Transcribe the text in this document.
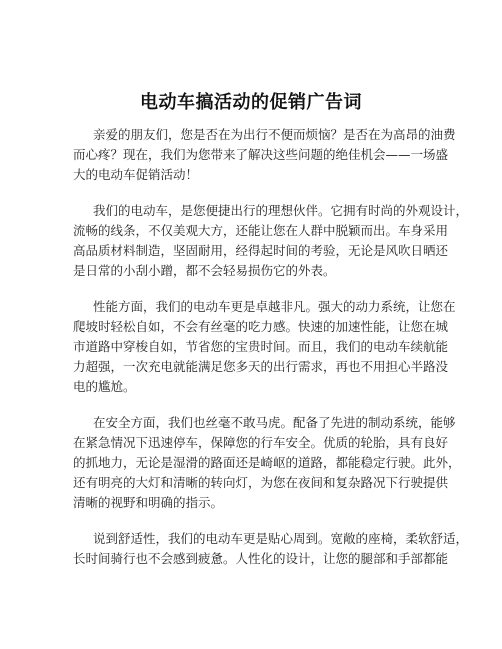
电动车搞活动的促销广告词
亲爱的朋友们，您是否在为出行不便而烦恼？是否在为高昂的油费
而心疼？现在，我们为您带来了解决这些问题的绝佳机会——一场盛
大的电动车促销活动！
我们的电动车，是您便捷出行的理想伙伴。它拥有时尚的外观设计，
流畅的线条，不仅美观大方，还能让您在人群中脱颖而出。车身采用
高品质材料制造，坚固耐用，经得起时间的考验，无论是风吹日晒还
是日常的小刮小蹭，都不会轻易损伤它的外表。
性能方面，我们的电动车更是卓越非凡。强大的动力系统，让您在
爬坡时轻松自如，不会有丝毫的吃力感。快速的加速性能，让您在城
市道路中穿梭自如，节省您的宝贵时间。而且，我们的电动车续航能
力超强，一次充电就能满足您多天的出行需求，再也不用担心半路没
电的尴尬。
在安全方面，我们也丝毫不敢马虎。配备了先进的制动系统，能够
在紧急情况下迅速停车，保障您的行车安全。优质的轮胎，具有良好
的抓地力，无论是湿滑的路面还是崎岖的道路，都能稳定行驶。此外，
还有明亮的大灯和清晰的转向灯，为您在夜间和复杂路况下行驶提供
清晰的视野和明确的指示。
说到舒适性，我们的电动车更是贴心周到。宽敞的座椅，柔软舒适，
长时间骑行也不会感到疲惫。人性化的设计，让您的腿部和手部都能
